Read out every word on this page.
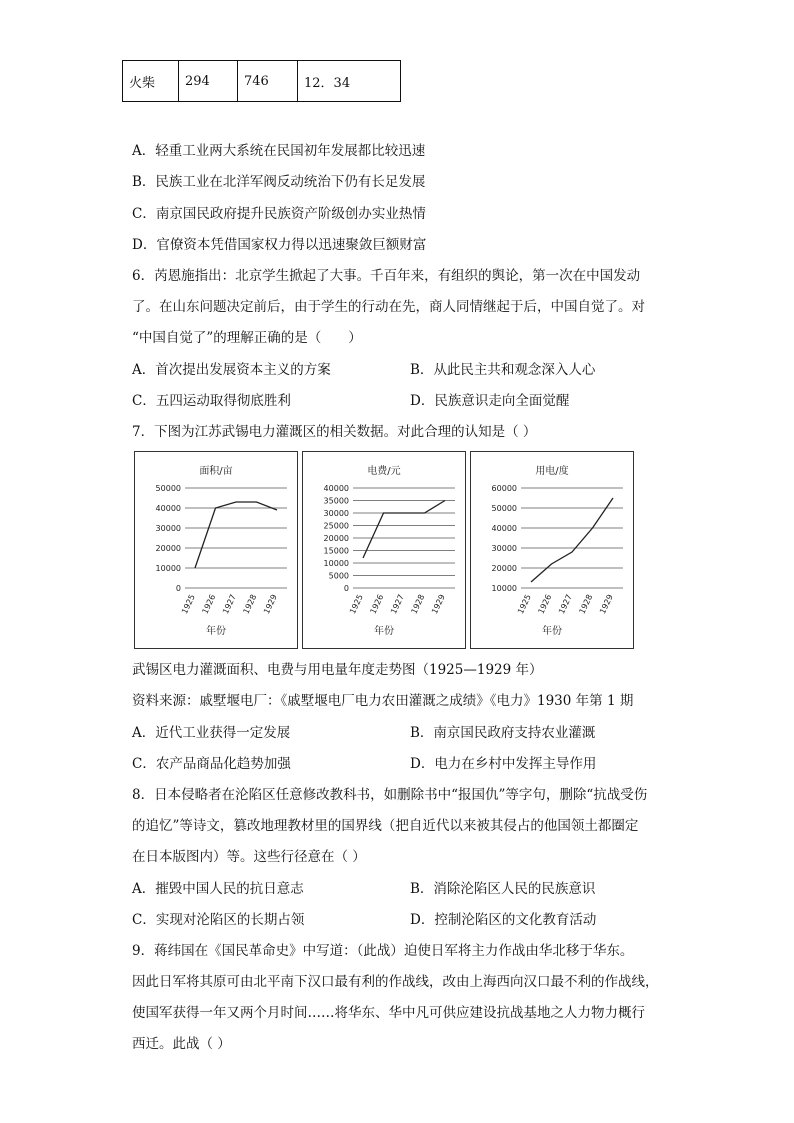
火柴	294	746	12．34
A．轻重工业两大系统在民国初年发展都比较迅速
B．民族工业在北洋军阀反动统治下仍有长足发展
C．南京国民政府提升民族资产阶级创办实业热情
D．官僚资本凭借国家权力得以迅速聚敛巨额财富
6．芮恩施指出：北京学生掀起了大事。千百年来，有组织的舆论，第一次在中国发动
了。在山东问题决定前后，由于学生的行动在先，商人同情继起于后，中国自觉了。对
“中国自觉了”的理解正确的是（　　）
A．首次提出发展资本主义的方案	B．从此民主共和观念深入人心
C．五四运动取得彻底胜利	D．民族意识走向全面觉醒
7．下图为江苏武锡电力灌溉区的相关数据。对此合理的认知是（ ）
面积/亩
0
10000
20000
30000
40000
50000
1925 1926 1927 1928 1929
年份
电费/元
0
5000
10000
15000
20000
25000
30000
35000
40000
1925 1926 1927 1928 1929
年份
用电/度
10000
20000
30000
40000
50000
60000
1925 1926 1927 1928 1929
年份
武锡区电力灌溉面积、电费与用电量年度走势图（1925—1929 年）
资料来源：戚墅堰电厂：《戚墅堰电厂电力农田灌溉之成绩》《电力》1930 年第 1 期
A．近代工业获得一定发展	B．南京国民政府支持农业灌溉
C．农产品商品化趋势加强	D．电力在乡村中发挥主导作用
8．日本侵略者在沦陷区任意修改教科书，如删除书中“报国仇”等字句，删除“抗战受伤
的追忆”等诗文，篡改地理教材里的国界线（把自近代以来被其侵占的他国领土都圈定
在日本版图内）等。这些行径意在（ ）
A．摧毁中国人民的抗日意志	B．消除沦陷区人民的民族意识
C．实现对沦陷区的长期占领	D．控制沦陷区的文化教育活动
9．蒋纬国在《国民革命史》中写道：（此战）迫使日军将主力作战由华北移于华东。
因此日军将其原可由北平南下汉口最有利的作战线，改由上海西向汉口最不利的作战线，
使国军获得一年又两个月时间……将华东、华中凡可供应建设抗战基地之人力物力概行
西迁。此战（ ）
